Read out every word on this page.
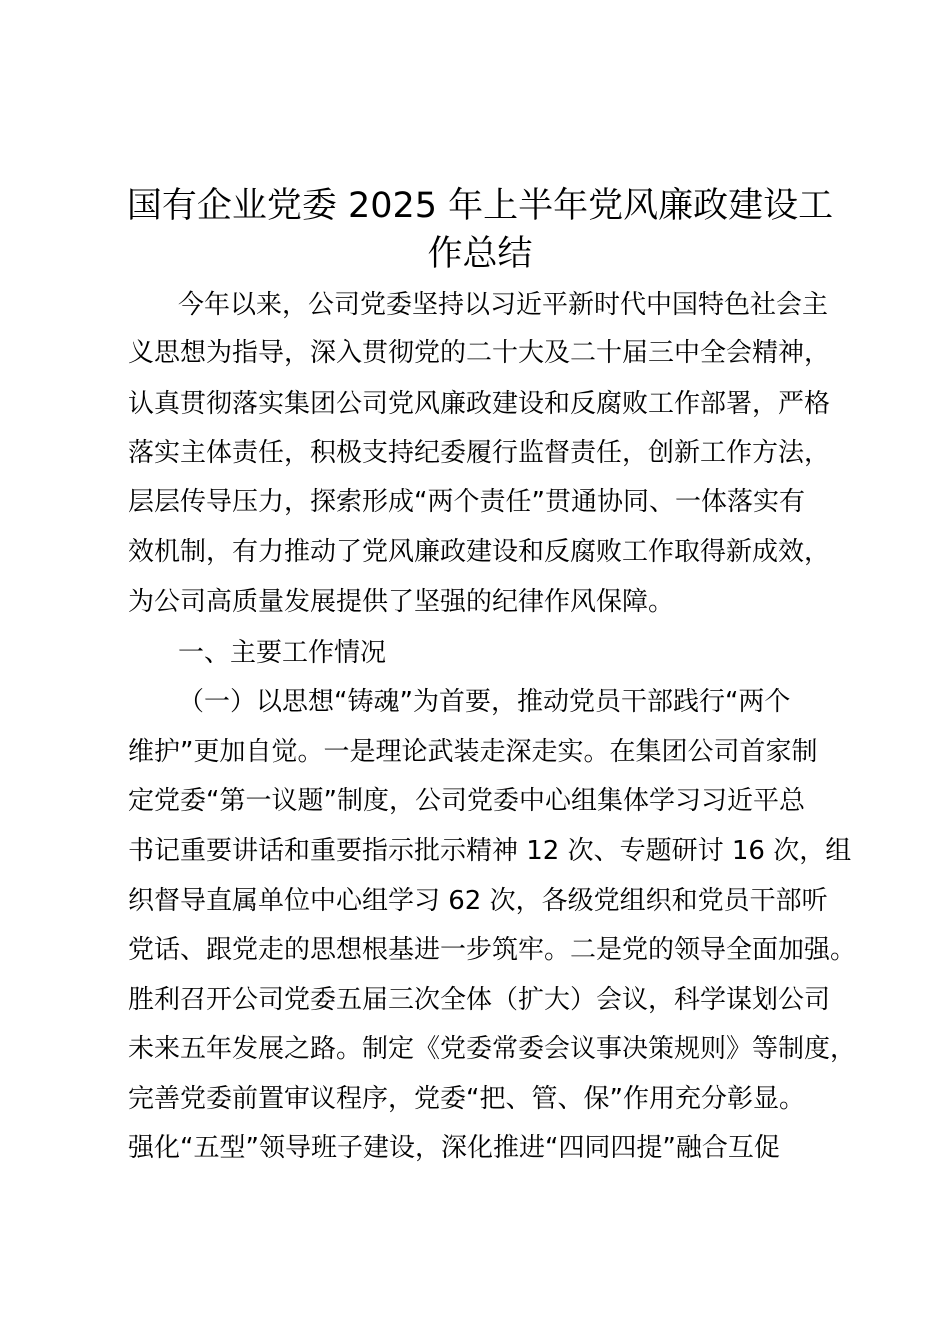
国有企业党委 2025 年上半年党风廉政建设工
作总结
今年以来，公司党委坚持以习近平新时代中国特色社会主
义思想为指导，深入贯彻党的二十大及二十届三中全会精神，
认真贯彻落实集团公司党风廉政建设和反腐败工作部署，严格
落实主体责任，积极支持纪委履行监督责任，创新工作方法，
层层传导压力，探索形成“两个责任”贯通协同、一体落实有
效机制，有力推动了党风廉政建设和反腐败工作取得新成效，
为公司高质量发展提供了坚强的纪律作风保障。
一、主要工作情况
（一）以思想“铸魂”为首要，推动党员干部践行“两个
维护”更加自觉。一是理论武装走深走实。在集团公司首家制
定党委“第一议题”制度，公司党委中心组集体学习习近平总
书记重要讲话和重要指示批示精神 12 次、专题研讨 16 次，组
织督导直属单位中心组学习 62 次，各级党组织和党员干部听
党话、跟党走的思想根基进一步筑牢。二是党的领导全面加强。
胜利召开公司党委五届三次全体（扩大）会议，科学谋划公司
未来五年发展之路。制定《党委常委会议事决策规则》等制度，
完善党委前置审议程序，党委“把、管、保”作用充分彰显。
强化“五型”领导班子建设，深化推进“四同四提”融合互促
